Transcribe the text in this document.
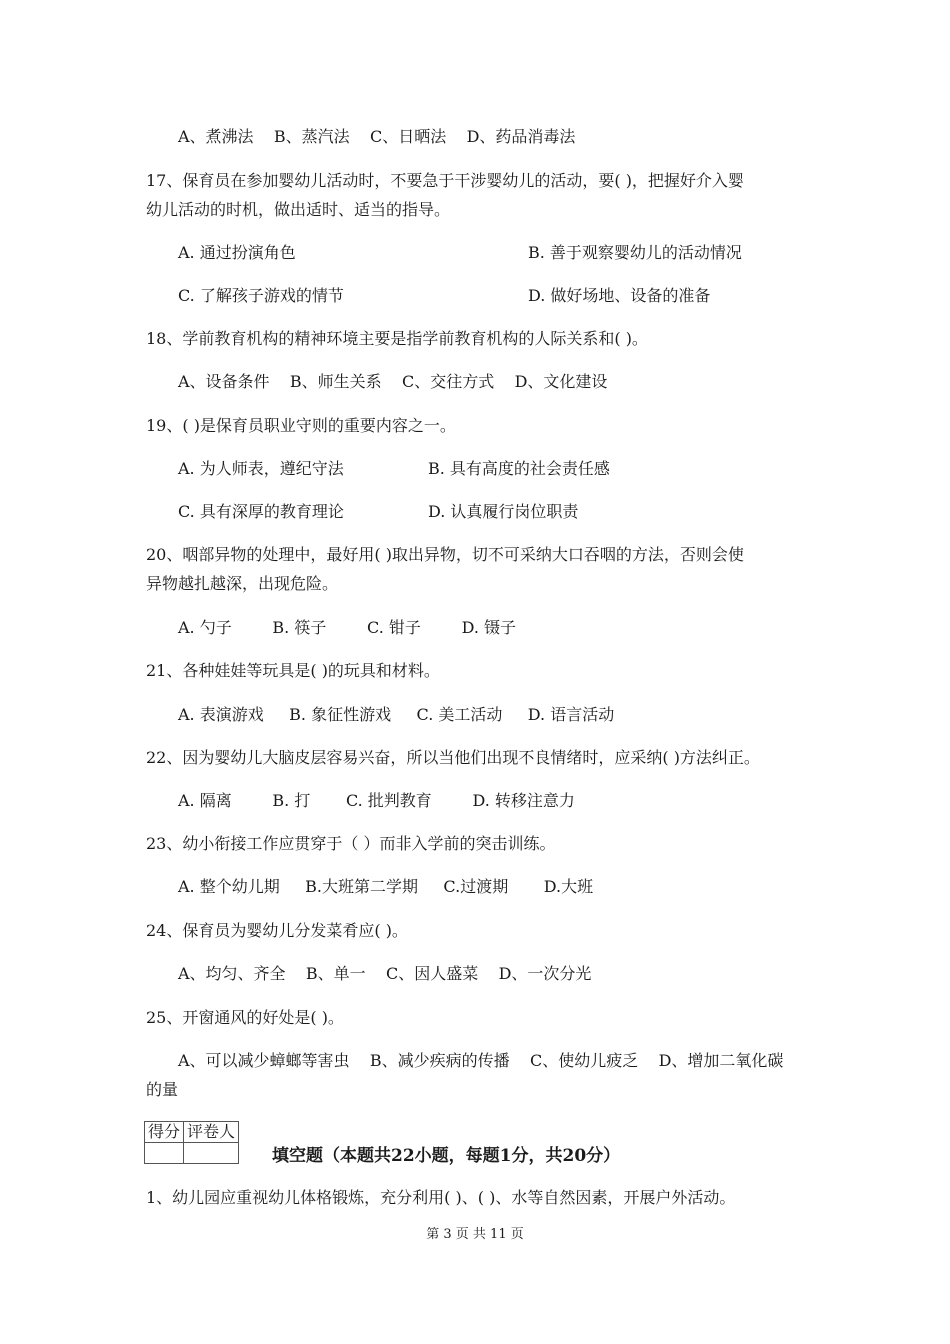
A、煮沸法    B、蒸汽法    C、日晒法    D、药品消毒法
17、保育员在参加婴幼儿活动时，不要急于干涉婴幼儿的活动，要( )，把握好介入婴
幼儿活动的时机，做出适时、适当的指导。
A. 通过扮演角色	B. 善于观察婴幼儿的活动情况
C. 了解孩子游戏的情节	D. 做好场地、设备的准备
18、学前教育机构的精神环境主要是指学前教育机构的人际关系和( )。
A、设备条件    B、师生关系    C、交往方式    D、文化建设
19、( )是保育员职业守则的重要内容之一。
A. 为人师表，遵纪守法	B. 具有高度的社会责任感
C. 具有深厚的教育理论	D. 认真履行岗位职责
20、咽部异物的处理中，最好用( )取出异物，切不可采纳大口吞咽的方法，否则会使
异物越扎越深，出现危险。
A. 勺子        B. 筷子        C. 钳子        D. 镊子
21、各种娃娃等玩具是( )的玩具和材料。
A. 表演游戏     B. 象征性游戏     C. 美工活动     D. 语言活动
22、因为婴幼儿大脑皮层容易兴奋，所以当他们出现不良情绪时，应采纳( )方法纠正。
A. 隔离        B. 打       C. 批判教育        D. 转移注意力
23、幼小衔接工作应贯穿于（ ）而非入学前的突击训练。
A. 整个幼儿期     B.大班第二学期     C.过渡期       D.大班
24、保育员为婴幼儿分发菜肴应( )。
A、均匀、齐全    B、单一    C、因人盛菜    D、一次分光
25、开窗通风的好处是( )。
A、可以减少蟑螂等害虫    B、减少疾病的传播    C、使幼儿疲乏    D、增加二氧化碳
的量
得分	评卷人

填空题（本题共22小题，每题1分，共20分）
1、幼儿园应重视幼儿体格锻炼，充分利用( )、( )、水等自然因素，开展户外活动。
第 3 页 共 11 页
